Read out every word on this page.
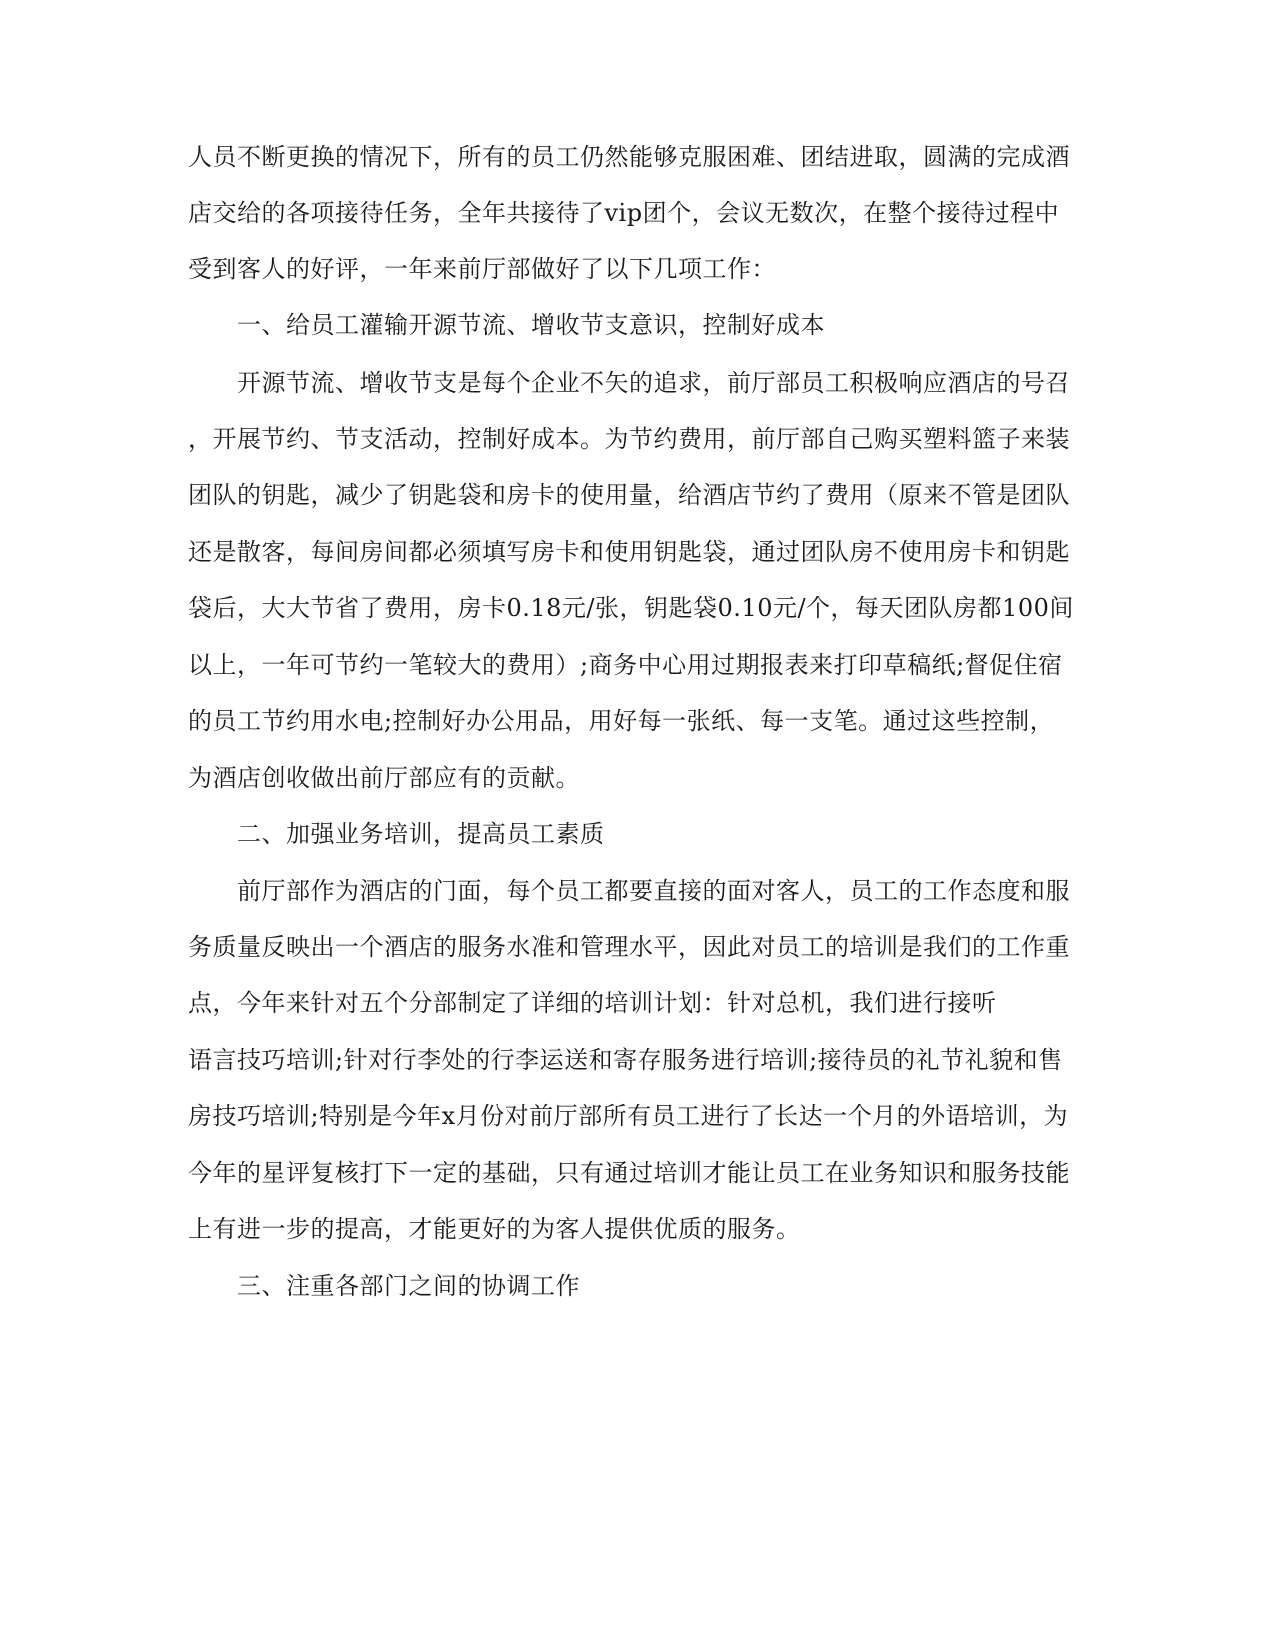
人员不断更换的情况下，所有的员工仍然能够克服困难、团结进取，圆满的完成酒
店交给的各项接待任务，全年共接待了vip团个，会议无数次，在整个接待过程中
受到客人的好评，一年来前厅部做好了以下几项工作：
一、给员工灌输开源节流、增收节支意识，控制好成本
开源节流、增收节支是每个企业不矢的追求，前厅部员工积极响应酒店的号召
，开展节约、节支活动，控制好成本。为节约费用，前厅部自己购买塑料篮子来装
团队的钥匙，减少了钥匙袋和房卡的使用量，给酒店节约了费用（原来不管是团队
还是散客，每间房间都必须填写房卡和使用钥匙袋，通过团队房不使用房卡和钥匙
袋后，大大节省了费用，房卡0.18元/张，钥匙袋0.10元/个，每天团队房都100间
以上，一年可节约一笔较大的费用）;商务中心用过期报表来打印草稿纸;督促住宿
的员工节约用水电;控制好办公用品，用好每一张纸、每一支笔。通过这些控制，
为酒店创收做出前厅部应有的贡献。
二、加强业务培训，提高员工素质
前厅部作为酒店的门面，每个员工都要直接的面对客人，员工的工作态度和服
务质量反映出一个酒店的服务水准和管理水平，因此对员工的培训是我们的工作重
点，今年来针对五个分部制定了详细的培训计划：针对总机，我们进行接听
语言技巧培训;针对行李处的行李运送和寄存服务进行培训;接待员的礼节礼貌和售
房技巧培训;特别是今年x月份对前厅部所有员工进行了长达一个月的外语培训，为
今年的星评复核打下一定的基础，只有通过培训才能让员工在业务知识和服务技能
上有进一步的提高，才能更好的为客人提供优质的服务。
三、注重各部门之间的协调工作
